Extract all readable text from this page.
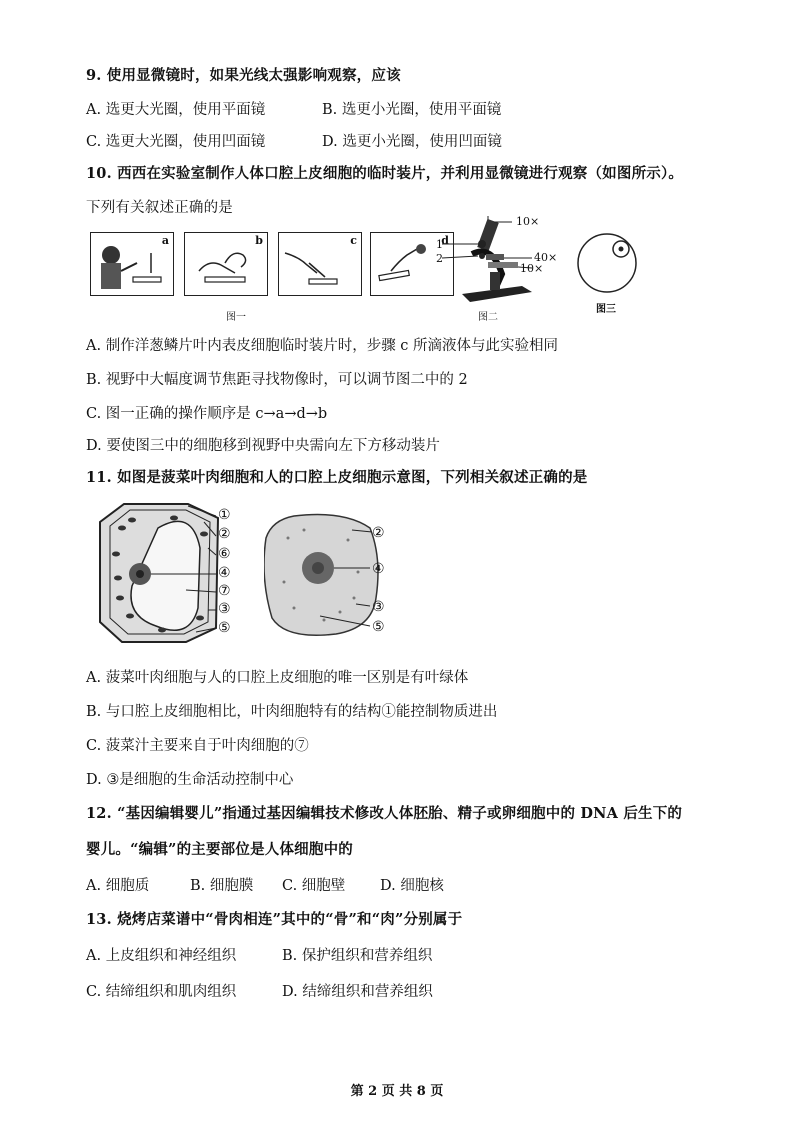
9. 使用显微镜时，如果光线太强影响观察，应该
A. 选更大光圈，使用平面镜	B. 选更小光圈，使用平面镜
C. 选更大光圈，使用凹面镜	D. 选更小光圈，使用凹面镜
10. 西西在实验室制作人体口腔上皮细胞的临时装片，并利用显微镜进行观察（如图所示）。
下列有关叙述正确的是
a	b	c	d
图一
10×
1
2	40×
10×
图二
图三
A. 制作洋葱鳞片叶内表皮细胞临时装片时，步骤 c 所滴液体与此实验相同
B. 视野中大幅度调节焦距寻找物像时，可以调节图二中的 2
C. 图一正确的操作顺序是 c→a→d→b
D. 要使图三中的细胞移到视野中央需向左下方移动装片
11. 如图是菠菜叶肉细胞和人的口腔上皮细胞示意图，下列相关叙述正确的是
①
②
⑥
④
⑦
③
⑤
②
④
③
⑤
A. 菠菜叶肉细胞与人的口腔上皮细胞的唯一区别是有叶绿体
B. 与口腔上皮细胞相比，叶肉细胞特有的结构①能控制物质进出
C. 菠菜汁主要来自于叶肉细胞的⑦
D. ③是细胞的生命活动控制中心
12. “基因编辑婴儿”指通过基因编辑技术修改人体胚胎、精子或卵细胞中的 DNA 后生下的
婴儿。“编辑”的主要部位是人体细胞中的
A. 细胞质	B. 细胞膜 C. 细胞壁 D. 细胞核
13. 烧烤店菜谱中“骨肉相连”其中的“骨”和“肉”分别属于
A. 上皮组织和神经组织	B. 保护组织和营养组织
C. 结缔组织和肌肉组织	D. 结缔组织和营养组织
第 2 页 共 8 页
